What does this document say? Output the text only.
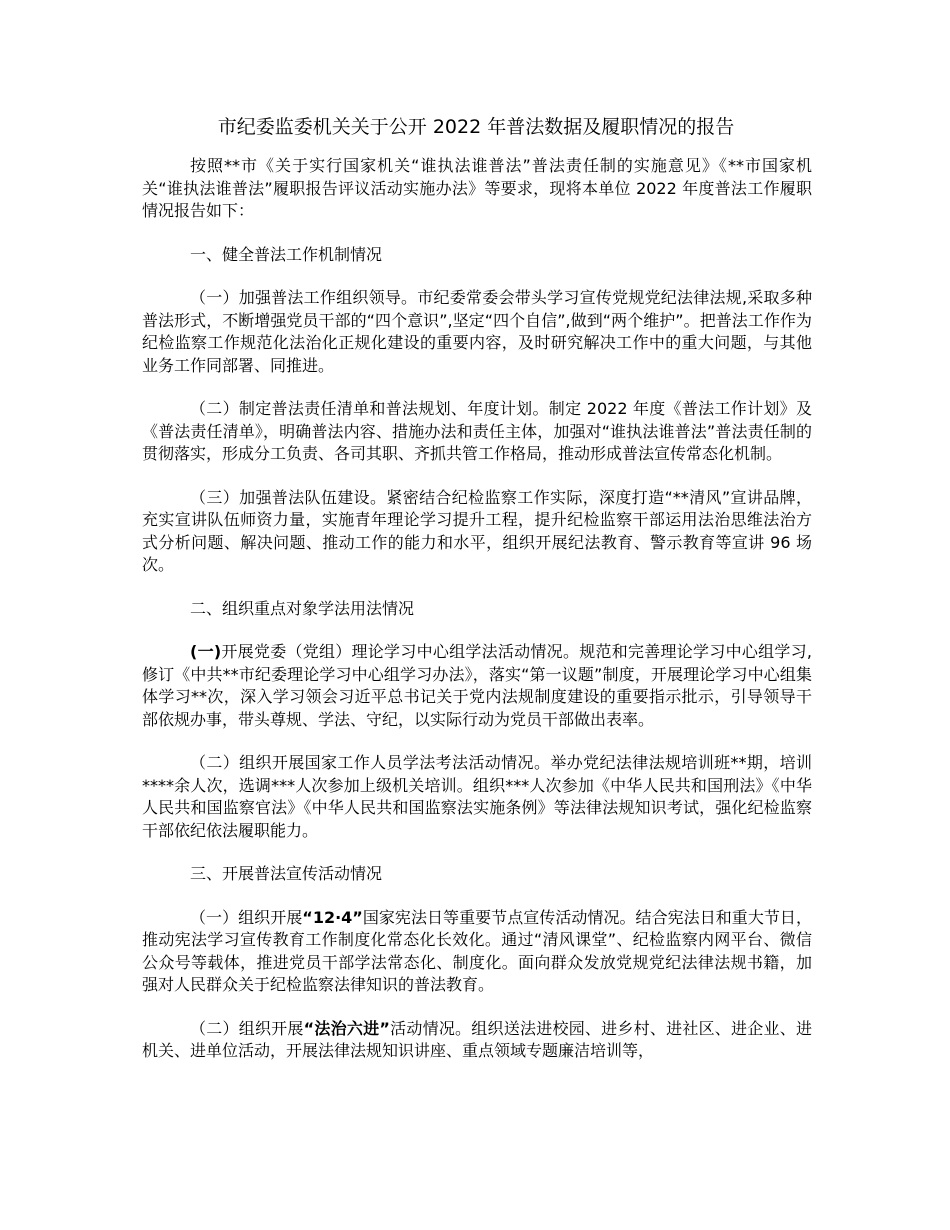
市纪委监委机关关于公开 2022 年普法数据及履职情况的报告

按照**市《关于实行国家机关“谁执法谁普法”普法责任制的实施意见》《**市国家机关“谁执法谁普法”履职报告评议活动实施办法》等要求，现将本单位 2022 年度普法工作履职情况报告如下：

一、健全普法工作机制情况

（一）加强普法工作组织领导。市纪委常委会带头学习宣传党规党纪法律法规,采取多种普法形式，不断增强党员干部的“四个意识”,坚定“四个自信”,做到“两个维护”。把普法工作作为纪检监察工作规范化法治化正规化建设的重要内容，及时研究解决工作中的重大问题，与其他业务工作同部署、同推进。

（二）制定普法责任清单和普法规划、年度计划。制定 2022 年度《普法工作计划》及《普法责任清单》，明确普法内容、措施办法和责任主体，加强对“谁执法谁普法”普法责任制的贯彻落实，形成分工负责、各司其职、齐抓共管工作格局，推动形成普法宣传常态化机制。

（三）加强普法队伍建设。紧密结合纪检监察工作实际，深度打造“**清风”宣讲品牌，充实宣讲队伍师资力量，实施青年理论学习提升工程，提升纪检监察干部运用法治思维法治方式分析问题、解决问题、推动工作的能力和水平，组织开展纪法教育、警示教育等宣讲 96 场次。

二、组织重点对象学法用法情况

(一)开展党委（党组）理论学习中心组学法活动情况。规范和完善理论学习中心组学习,修订《中共**市纪委理论学习中心组学习办法》，落实“第一议题”制度，开展理论学习中心组集体学习**次，深入学习领会习近平总书记关于党内法规制度建设的重要指示批示，引导领导干部依规办事，带头尊规、学法、守纪，以实际行动为党员干部做出表率。

（二）组织开展国家工作人员学法考法活动情况。举办党纪法律法规培训班**期，培训****余人次，选调***人次参加上级机关培训。组织***人次参加《中华人民共和国刑法》《中华人民共和国监察官法》《中华人民共和国监察法实施条例》等法律法规知识考试，强化纪检监察干部依纪依法履职能力。

三、开展普法宣传活动情况

（一）组织开展“12·4”国家宪法日等重要节点宣传活动情况。结合宪法日和重大节日，推动宪法学习宣传教育工作制度化常态化长效化。通过“清风课堂”、纪检监察内网平台、微信公众号等载体，推进党员干部学法常态化、制度化。面向群众发放党规党纪法律法规书籍，加强对人民群众关于纪检监察法律知识的普法教育。

（二）组织开展“法治六进”活动情况。组织送法进校园、进乡村、进社区、进企业、进机关、进单位活动，开展法律法规知识讲座、重点领域专题廉洁培训等，
